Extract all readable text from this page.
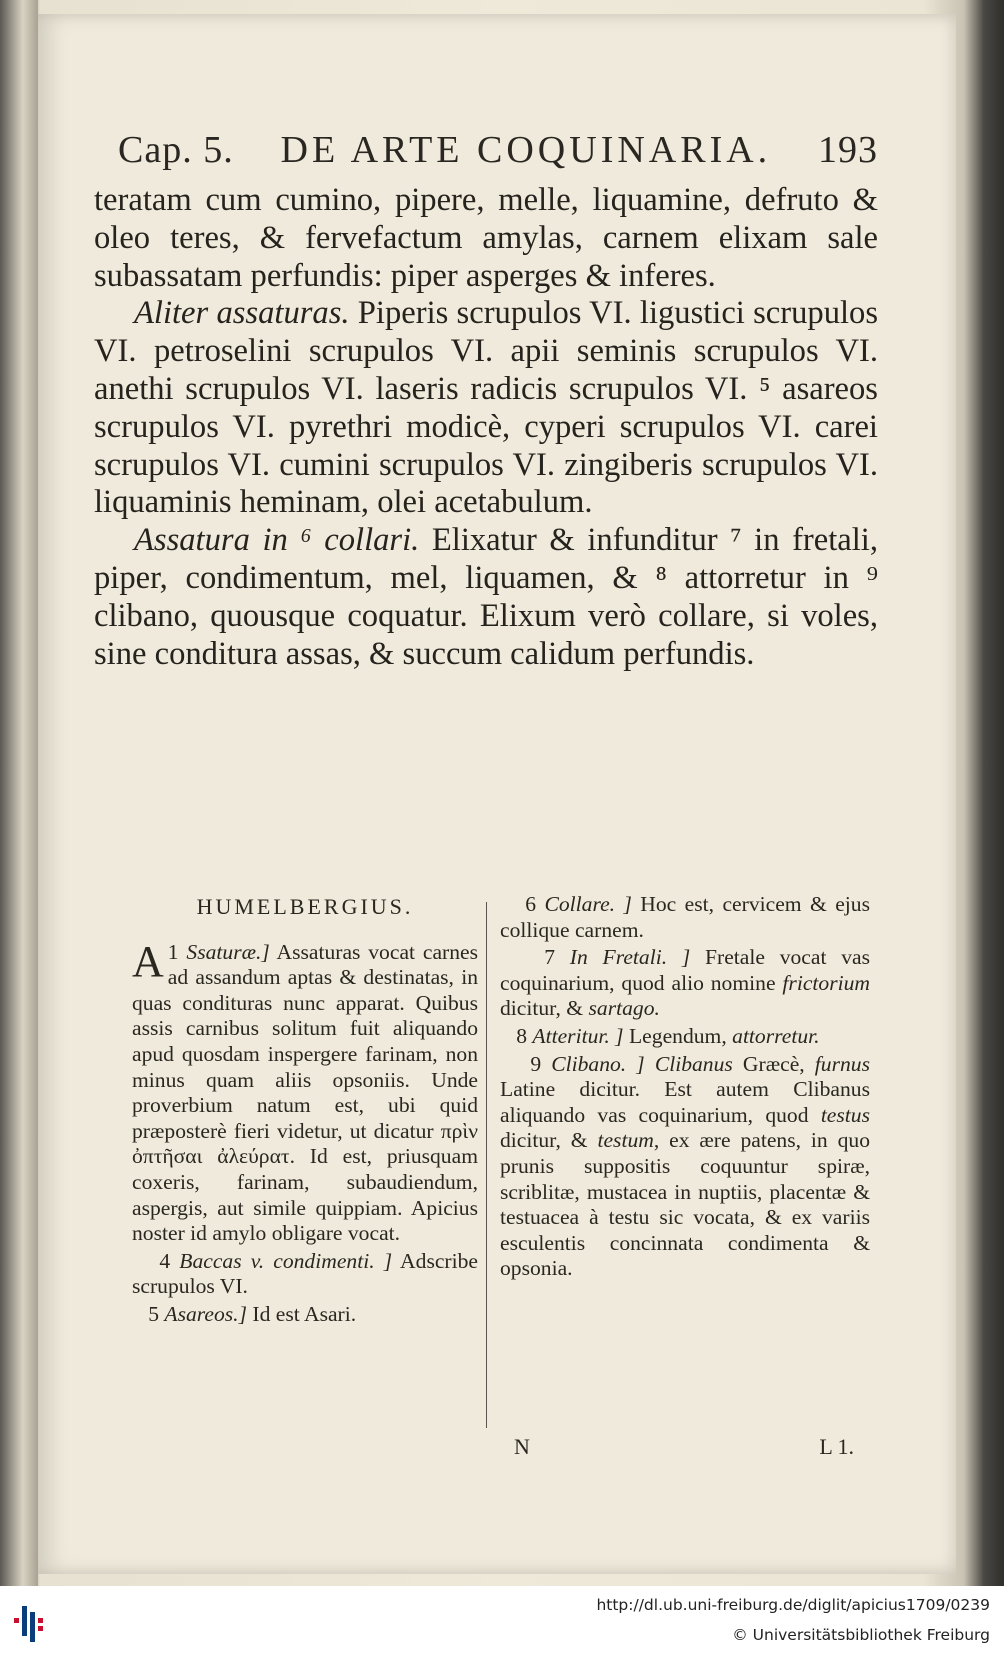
Cap. 5. DE ARTE COQUINARIA. 193

teratam cum cumino, pipere, melle, liquamine, defruto & oleo teres, & fervefactum amylas, carnem elixam sale subassatam perfundis: piper asperges & inferes.

Aliter assaturas. Piperis scrupulos VI. ligustici scrupulos VI. petroselini scrupulos VI. apii seminis scrupulos VI. anethi scrupulos VI. laseris radicis scrupulos VI. ⁵ asareos scrupulos VI. pyrethri modicè, cyperi scrupulos VI. carei scrupulos VI. cumini scrupulos VI. zingiberis scrupulos VI. liquaminis heminam, olei acetabulum.

Assatura in ⁶ collari. Elixatur & infunditur ⁷ in fretali, piper, condimentum, mel, liquamen, & ⁸ attorretur in ⁹ clibano, quousque coquatur. Elixum verò collare, si voles, sine conditura assas, & succum calidum perfundis.

HUMELBERGIUS.

1
A Ssaturæ.] Assaturas vocat carnes ad assandum aptas & destinatas, in quas condituras nunc apparat. Quibus assis carnibus solitum fuit aliquando apud quosdam inspergere farinam, non minus quam aliis opsoniis. Unde proverbium natum est, ubi quid præposterè fieri videtur, ut dicatur πρὶν ὀπτῆσαι ἀλεύρατ. Id est, priusquam coxeris, farinam, subaudiendum, aspergis, aut simile quippiam. Apicius noster id amylo obligare vocat.

4 Baccas v. condimenti. ] Adscribe scrupulos VI.

5 Asareos.] Id est Asari.

6 Collare. ] Hoc est, cervicem & ejus collique carnem.

7 In Fretali. ] Fretale vocat vas coquinarium, quod alio nomine frictorium dicitur, & sartago.

8 Atteritur. ] Legendum, attorretur.

9 Clibano. ] Clibanus Græcè, furnus Latine dicitur. Est autem Clibanus aliquando vas coquinarium, quod testus dicitur, & testum, ex ære patens, in quo prunis suppositis coquuntur spiræ, scriblitæ, mustacea in nuptiis, placentæ & testuacea à testu sic vocata, & ex variis esculentis concinnata condimenta & opsonia.

N	L 1.
http://dl.ub.uni-freiburg.de/diglit/apicius1709/0239
© Universitätsbibliothek Freiburg
